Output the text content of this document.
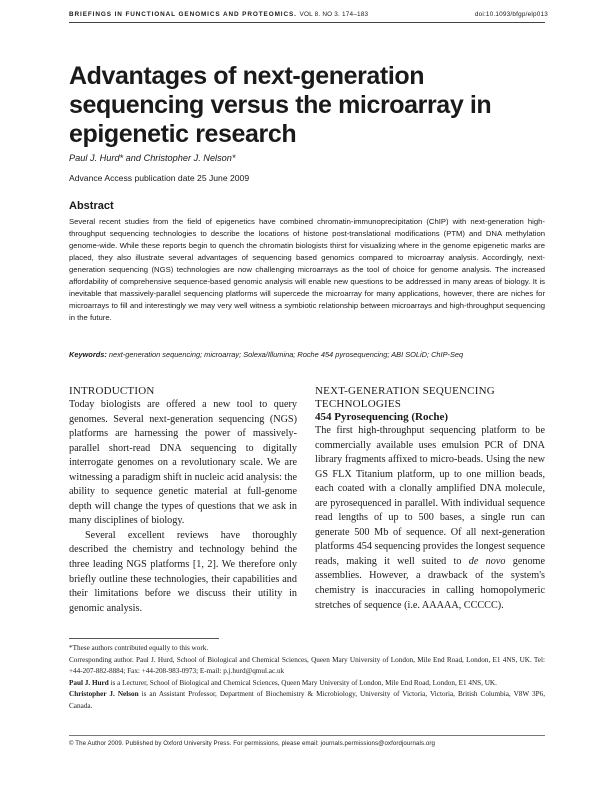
BRIEFINGS IN FUNCTIONAL GENOMICS AND PROTEOMICS. VOL 8. NO 3. 174–183	doi:10.1093/bfgp/elp013
Advantages of next-generation sequencing versus the microarray in epigenetic research
Paul J. Hurd* and Christopher J. Nelson*
Advance Access publication date 25 June 2009
Abstract

Several recent studies from the field of epigenetics have combined chromatin-immunoprecipitation (ChIP) with next-generation high-throughput sequencing technologies to describe the locations of histone post-translational modifications (PTM) and DNA methylation genome-wide. While these reports begin to quench the chromatin biologists thirst for visualizing where in the genome epigenetic marks are placed, they also illustrate several advantages of sequencing based genomics compared to microarray analysis. Accordingly, next-generation sequencing (NGS) technologies are now challenging microarrays as the tool of choice for genome analysis. The increased affordability of comprehensive sequence-based genomic analysis will enable new questions to be addressed in many areas of biology. It is inevitable that massively-parallel sequencing platforms will supercede the microarray for many applications, however, there are niches for microarrays to fill and interestingly we may very well witness a symbiotic relationship between microarrays and high-throughput sequencing in the future.

Keywords: next-generation sequencing; microarray; Solexa/Illumina; Roche 454 pyrosequencing; ABI SOLiD; ChIP-Seq
INTRODUCTION

Today biologists are offered a new tool to query genomes. Several next-generation sequencing (NGS) platforms are harnessing the power of massively-parallel short-read DNA sequencing to digitally interrogate genomes on a revolutionary scale. We are witnessing a paradigm shift in nucleic acid analysis: the ability to sequence genetic material at full-genome depth will change the types of questions that we ask in many disciplines of biology.

Several excellent reviews have thoroughly described the chemistry and technology behind the three leading NGS platforms [1, 2]. We therefore only briefly outline these technologies, their capabilities and their limitations before we discuss their utility in genomic analysis.

NEXT-GENERATION SEQUENCING TECHNOLOGIES
454 Pyrosequencing (Roche)

The first high-throughput sequencing platform to be commercially available uses emulsion PCR of DNA library fragments affixed to micro-beads. Using the new GS FLX Titanium platform, up to one million beads, each coated with a clonally amplified DNA molecule, are pyrosequenced in parallel. With individual sequence read lengths of up to 500 bases, a single run can generate 500 Mb of sequence. Of all next-generation platforms 454 sequencing provides the longest sequence reads, making it well suited to de novo genome assemblies. However, a drawback of the system's chemistry is inaccuracies in calling homopolymeric stretches of sequence (i.e. AAAAA, CCCCC).

*These authors contributed equally to this work.

Corresponding author. Paul J. Hurd, School of Biological and Chemical Sciences, Queen Mary University of London, Mile End Road, London, E1 4NS, UK. Tel: +44-207-882-8884; Fax: +44-208-983-0973; E-mail: p.j.hurd@qmul.ac.uk

Paul J. Hurd is a Lecturer, School of Biological and Chemical Sciences, Queen Mary University of London, Mile End Road, London, E1 4NS, UK.

Christopher J. Nelson is an Assistant Professor, Department of Biochemistry & Microbiology, University of Victoria, Victoria, British Columbia, V8W 3P6, Canada.

© The Author 2009. Published by Oxford University Press. For permissions, please email: journals.permissions@oxfordjournals.org
